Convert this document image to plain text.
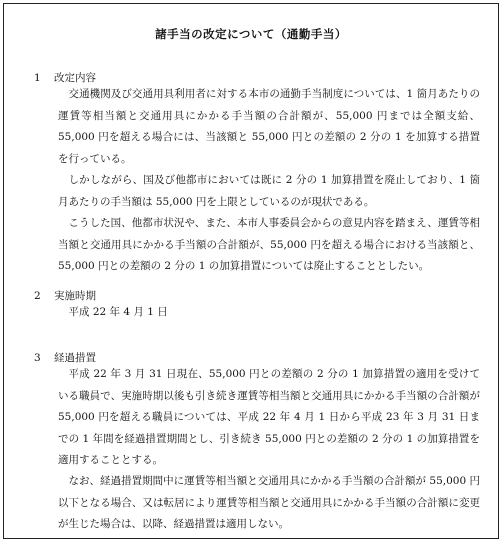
諸手当の改定について（通勤手当）
1 改定内容

交通機関及び交通用具利用者に対する本市の通勤手当制度については、1 箇月あたりの運賃等相当額と交通用具にかかる手当額の合計額が、55,000 円までは全額支給、55,000 円を超える場合には、当該額と 55,000 円との差額の 2 分の 1 を加算する措置を行っている。

しかしながら、国及び他都市においては既に 2 分の 1 加算措置を廃止しており、1 箇月あたりの手当額は 55,000 円を上限としているのが現状である。

こうした国、他都市状況や、また、本市人事委員会からの意見内容を踏まえ、運賃等相当額と交通用具にかかる手当額の合計額が、55,000 円を超える場合における当該額と、55,000 円との差額の 2 分の 1 の加算措置については廃止することとしたい。

2 実施時期

平成 22 年 4 月 1 日

3 経過措置

平成 22 年 3 月 31 日現在、55,000 円との差額の 2 分の 1 加算措置の適用を受けている職員で、実施時期以後も引き続き運賃等相当額と交通用具にかかる手当額の合計額が 55,000 円を超える職員については、平成 22 年 4 月 1 日から平成 23 年 3 月 31 日までの 1 年間を経過措置期間とし、引き続き 55,000 円との差額の 2 分の 1 の加算措置を適用することとする。

なお、経過措置期間中に運賃等相当額と交通用具にかかる手当額の合計額が 55,000 円以下となる場合、又は転居により運賃等相当額と交通用具にかかる手当額の合計額に変更が生じた場合は、以降、経過措置は適用しない。
